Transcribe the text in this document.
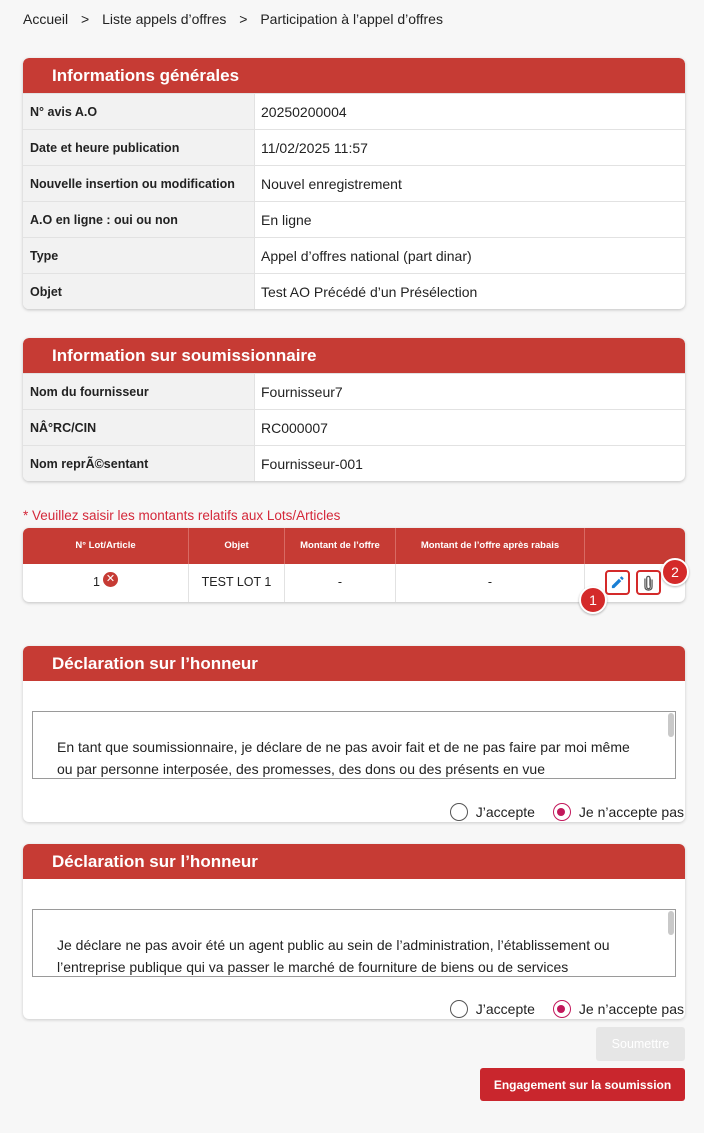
Accueil > Liste appels d’offres > Participation à l’appel d’offres
Informations générales
N° avis A.O	20250200004
Date et heure publication	11/02/2025 11:57
Nouvelle insertion ou modification	Nouvel enregistrement
A.O en ligne : oui ou non	En ligne
Type	Appel d’offres national (part dinar)
Objet	Test AO Précédé d’un Présélection
Information sur soumissionnaire
Nom du fournisseur	Fournisseur7
NÂ°RC/CIN	RC000007
Nom reprÃ©sentant	Fournisseur-001
* Veuillez saisir les montants relatifs aux Lots/Articles
N° Lot/Article	Objet	Montant de l’offre	Montant de l’offre après rabais
1 ✕	TEST LOT 1	-	-
1
2
Déclaration sur l’honneur

En tant que soumissionnaire, je déclare de ne pas avoir fait et de ne pas faire par moi même ou par personne interposée, des promesses, des dons ou des présents en vue

J’accepte	Je n’accepte pas
Déclaration sur l’honneur

Je déclare ne pas avoir été un agent public au sein de l’administration, l’établissement ou l’entreprise publique qui va passer le marché de fourniture de biens ou de services

J’accepte	Je n’accepte pas
Soumettre
Engagement sur la soumission
